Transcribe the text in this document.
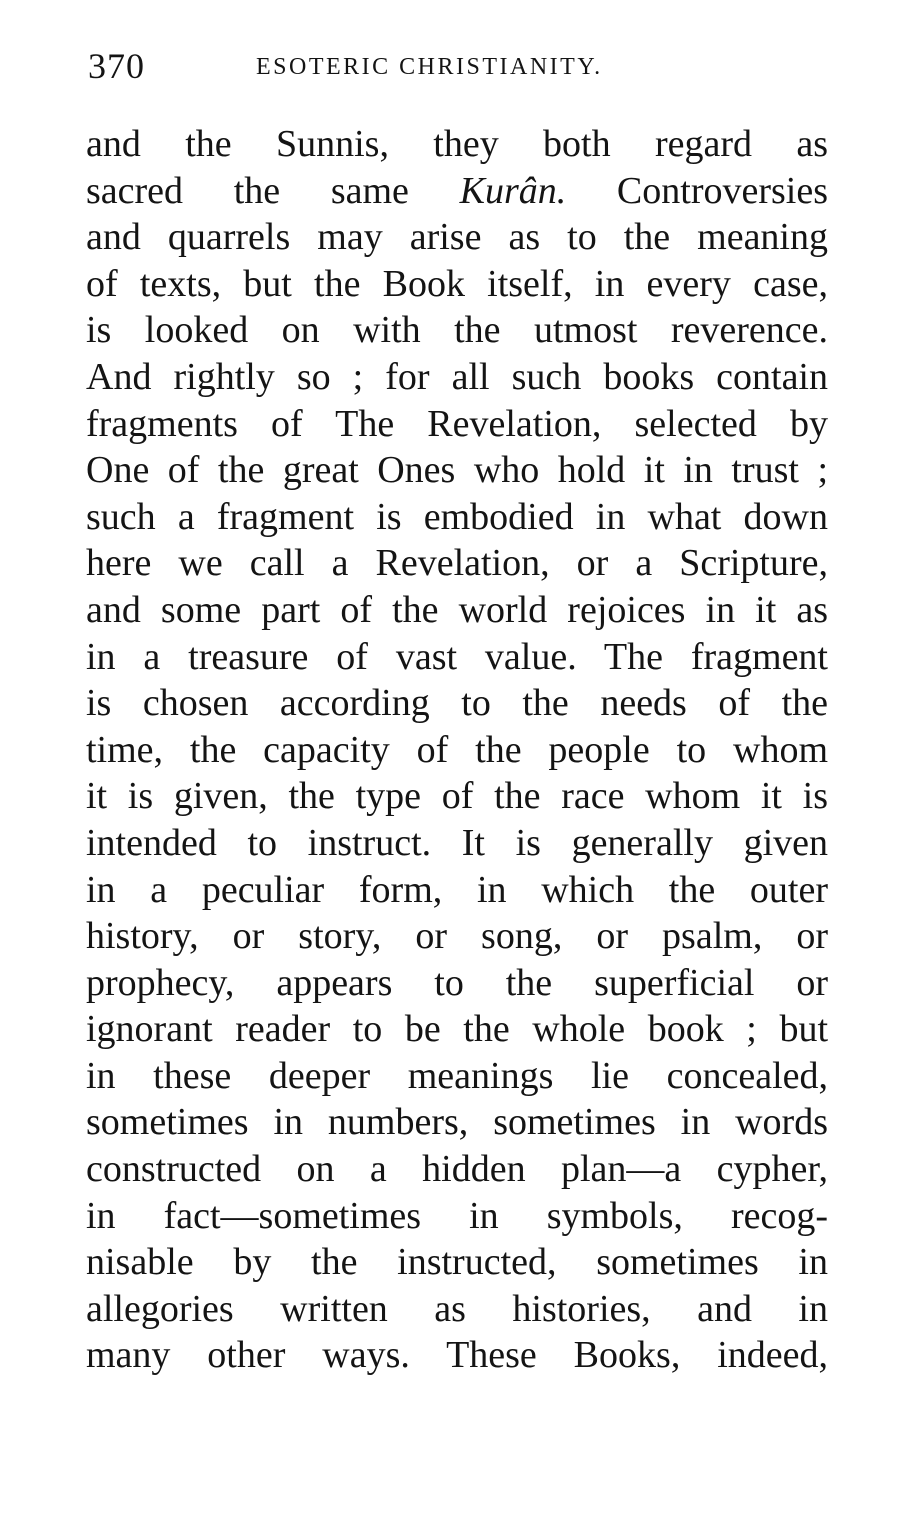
370	ESOTERIC CHRISTIANITY.
and the Sunnis, they both regard as
sacred the same Kurân. Controversies
and quarrels may arise as to the meaning
of texts, but the Book itself, in every case,
is looked on with the utmost reverence.
And rightly so ; for all such books contain
fragments of The Revelation, selected by
One of the great Ones who hold it in trust ;
such a fragment is embodied in what down
here we call a Revelation, or a Scripture,
and some part of the world rejoices in it as
in a treasure of vast value. The fragment
is chosen according to the needs of the
time, the capacity of the people to whom
it is given, the type of the race whom it is
intended to instruct. It is generally given
in a peculiar form, in which the outer
history, or story, or song, or psalm, or
prophecy, appears to the superficial or
ignorant reader to be the whole book ; but
in these deeper meanings lie concealed,
sometimes in numbers, sometimes in words
constructed on a hidden plan—a cypher,
in fact—sometimes in symbols, recog-
nisable by the instructed, sometimes in
allegories written as histories, and in
many other ways. These Books, indeed,
